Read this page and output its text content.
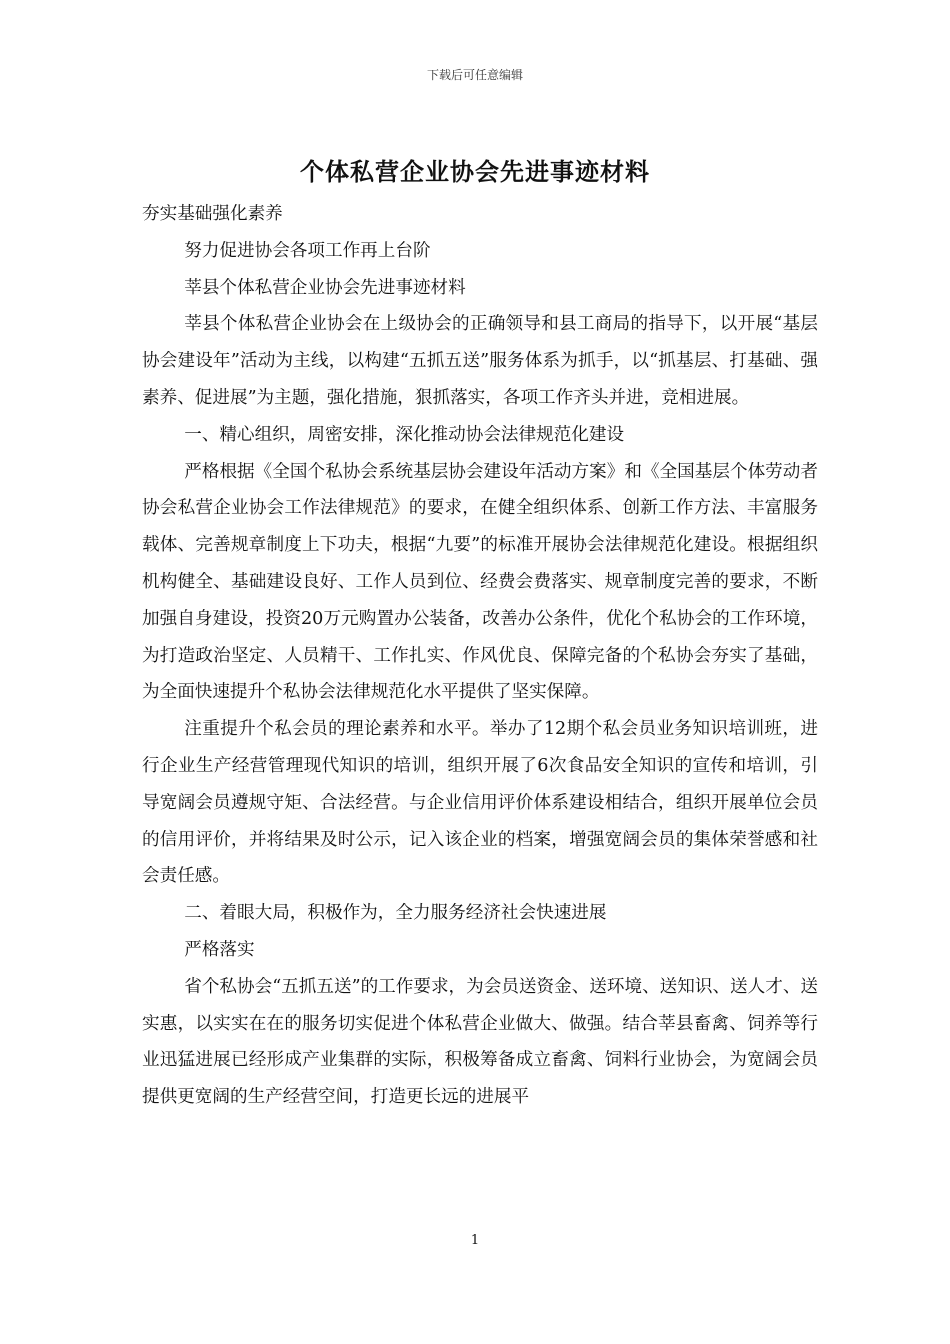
下载后可任意编辑
个体私营企业协会先进事迹材料

夯实基础强化素养

努力促进协会各项工作再上台阶

莘县个体私营企业协会先进事迹材料

莘县个体私营企业协会在上级协会的正确领导和县工商局的指导下，以开展“基层协会建设年”活动为主线，以构建“五抓五送”服务体系为抓手，以“抓基层、打基础、强素养、促进展”为主题，强化措施，狠抓落实，各项工作齐头并进，竞相进展。

一、精心组织，周密安排，深化推动协会法律规范化建设

严格根据《全国个私协会系统基层协会建设年活动方案》和《全国基层个体劳动者协会私营企业协会工作法律规范》的要求，在健全组织体系、创新工作方法、丰富服务载体、完善规章制度上下功夫，根据“九要”的标准开展协会法律规范化建设。根据组织机构健全、基础建设良好、工作人员到位、经费会费落实、规章制度完善的要求，不断加强自身建设，投资20万元购置办公装备，改善办公条件，优化个私协会的工作环境，为打造政治坚定、人员精干、工作扎实、作风优良、保障完备的个私协会夯实了基础，为全面快速提升个私协会法律规范化水平提供了坚实保障。

注重提升个私会员的理论素养和水平。举办了12期个私会员业务知识培训班，进行企业生产经营管理现代知识的培训，组织开展了6次食品安全知识的宣传和培训，引导宽阔会员遵规守矩、合法经营。与企业信用评价体系建设相结合，组织开展单位会员的信用评价，并将结果及时公示，记入该企业的档案，增强宽阔会员的集体荣誉感和社会责任感。

二、着眼大局，积极作为，全力服务经济社会快速进展

严格落实

省个私协会“五抓五送”的工作要求，为会员送资金、送环境、送知识、送人才、送实惠，以实实在在的服务切实促进个体私营企业做大、做强。结合莘县畜禽、饲养等行业迅猛进展已经形成产业集群的实际，积极筹备成立畜禽、饲料行业协会，为宽阔会员提供更宽阔的生产经营空间，打造更长远的进展平

1
